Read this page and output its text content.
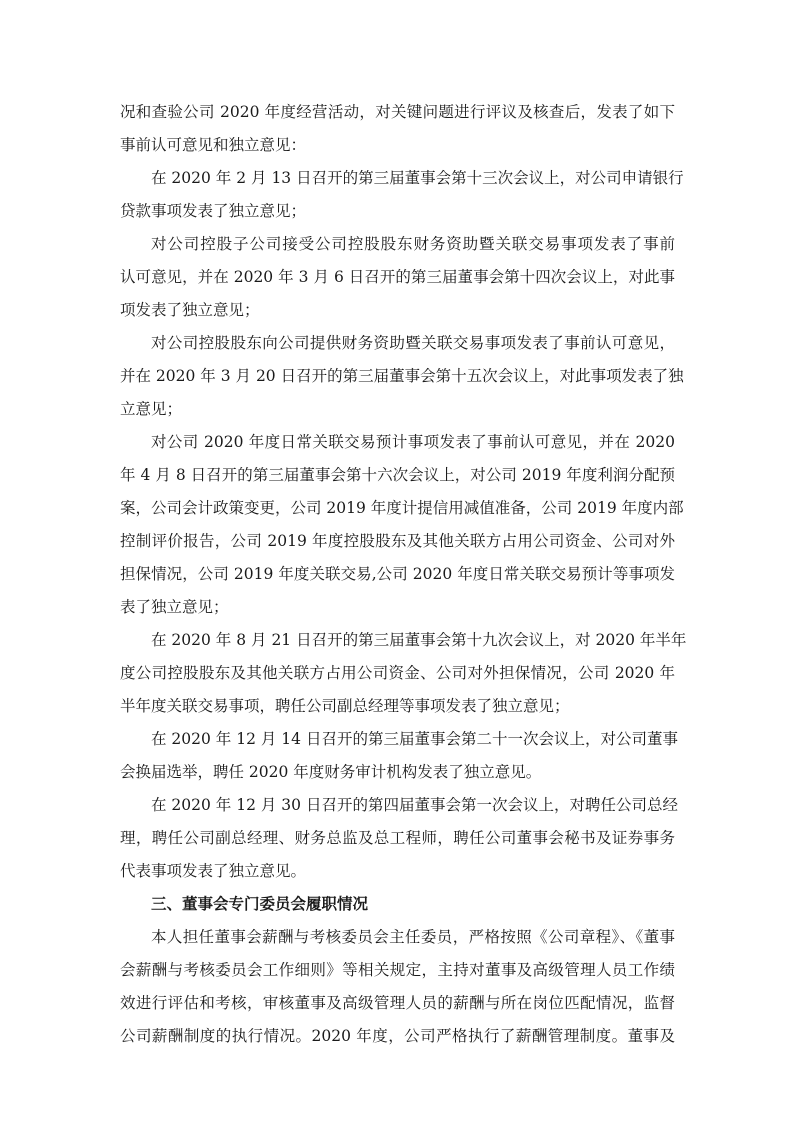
况和查验公司 2020 年度经营活动，对关键问题进行评议及核查后，发表了如下
事前认可意见和独立意见：
在 2020 年 2 月 13 日召开的第三届董事会第十三次会议上，对公司申请银行
贷款事项发表了独立意见；
对公司控股子公司接受公司控股股东财务资助暨关联交易事项发表了事前
认可意见，并在 2020 年 3 月 6 日召开的第三届董事会第十四次会议上，对此事
项发表了独立意见；
对公司控股股东向公司提供财务资助暨关联交易事项发表了事前认可意见，
并在 2020 年 3 月 20 日召开的第三届董事会第十五次会议上，对此事项发表了独
立意见；
对公司 2020 年度日常关联交易预计事项发表了事前认可意见，并在 2020
年 4 月 8 日召开的第三届董事会第十六次会议上，对公司 2019 年度利润分配预
案，公司会计政策变更，公司 2019 年度计提信用减值准备，公司 2019 年度内部
控制评价报告，公司 2019 年度控股股东及其他关联方占用公司资金、公司对外
担保情况，公司 2019 年度关联交易,公司 2020 年度日常关联交易预计等事项发
表了独立意见；
在 2020 年 8 月 21 日召开的第三届董事会第十九次会议上，对 2020 年半年
度公司控股股东及其他关联方占用公司资金、公司对外担保情况，公司 2020 年
半年度关联交易事项，聘任公司副总经理等事项发表了独立意见；
在 2020 年 12 月 14 日召开的第三届董事会第二十一次会议上，对公司董事
会换届选举，聘任 2020 年度财务审计机构发表了独立意见。
在 2020 年 12 月 30 日召开的第四届董事会第一次会议上，对聘任公司总经
理，聘任公司副总经理、财务总监及总工程师，聘任公司董事会秘书及证券事务
代表事项发表了独立意见。
三、董事会专门委员会履职情况
本人担任董事会薪酬与考核委员会主任委员，严格按照《公司章程》、《董事
会薪酬与考核委员会工作细则》等相关规定，主持对董事及高级管理人员工作绩
效进行评估和考核，审核董事及高级管理人员的薪酬与所在岗位匹配情况，监督
公司薪酬制度的执行情况。2020 年度，公司严格执行了薪酬管理制度。董事及
